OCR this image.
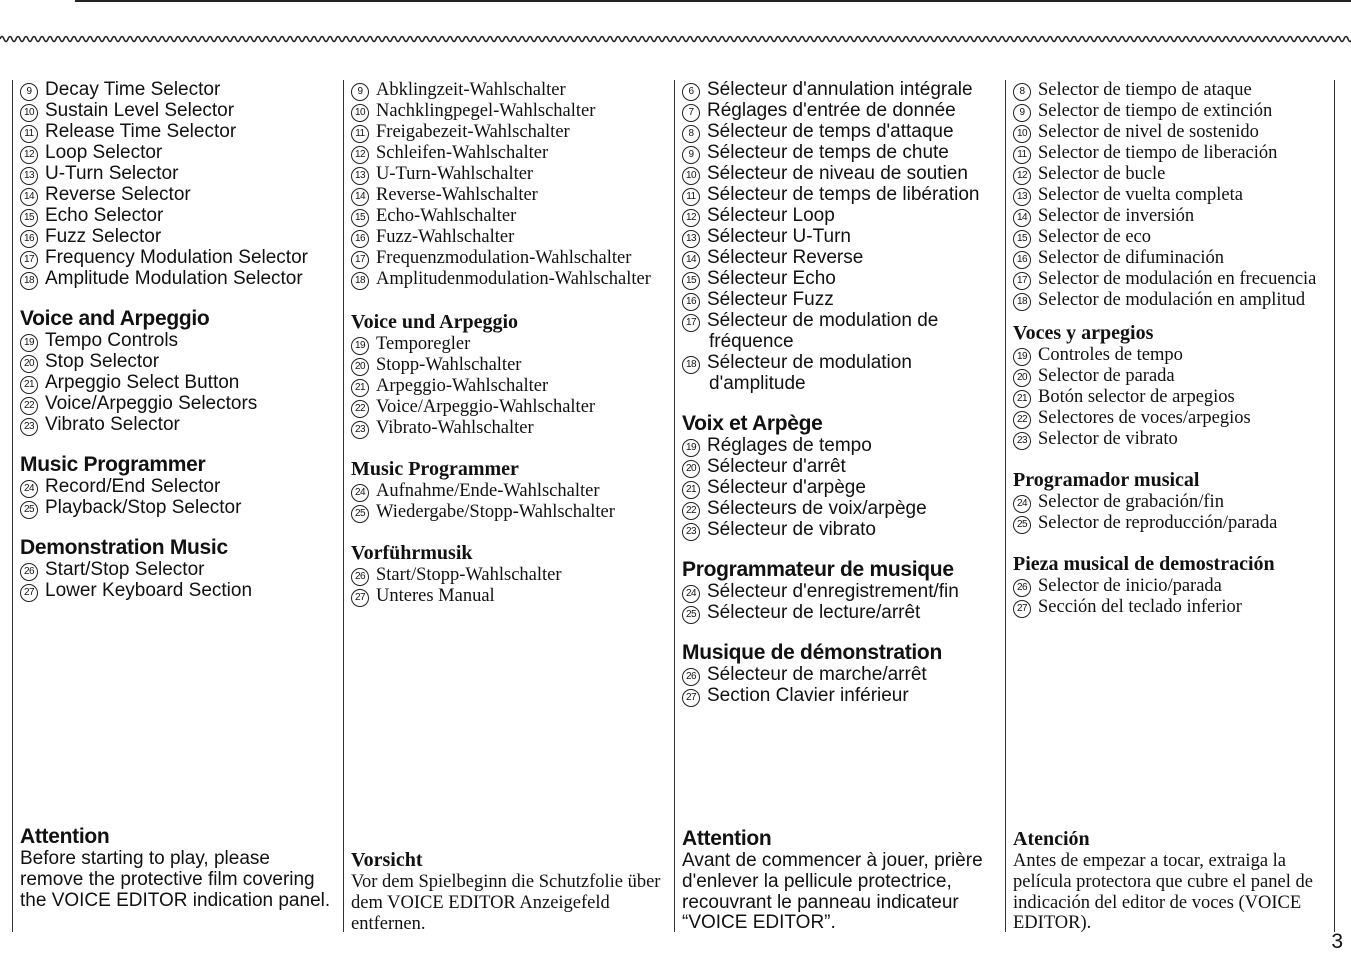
9 Decay Time Selector
10 Sustain Level Selector
11 Release Time Selector
12 Loop Selector
13 U-Turn Selector
14 Reverse Selector
15 Echo Selector
16 Fuzz Selector
17 Frequency Modulation Selector
18 Amplitude Modulation Selector
Voice and Arpeggio
19 Tempo Controls
20 Stop Selector
21 Arpeggio Select Button
22 Voice/Arpeggio Selectors
23 Vibrato Selector
Music Programmer
24 Record/End Selector
25 Playback/Stop Selector
Demonstration Music
26 Start/Stop Selector
27 Lower Keyboard Section
Attention

Before starting to play, please remove the protective film covering the VOICE EDITOR indication panel.

9 Abklingzeit-Wahlschalter
10 Nachklingpegel-Wahlschalter
11 Freigabezeit-Wahlschalter
12 Schleifen-Wahlschalter
13 U-Turn-Wahlschalter
14 Reverse-Wahlschalter
15 Echo-Wahlschalter
16 Fuzz-Wahlschalter
17 Frequenzmodulation-Wahlschalter
18 Amplitudenmodulation-Wahlschalter
Voice und Arpeggio
19 Temporegler
20 Stopp-Wahlschalter
21 Arpeggio-Wahlschalter
22 Voice/Arpeggio-Wahlschalter
23 Vibrato-Wahlschalter
Music Programmer
24 Aufnahme/Ende-Wahlschalter
25 Wiedergabe/Stopp-Wahlschalter
Vorführmusik
26 Start/Stopp-Wahlschalter
27 Unteres Manual
Vorsicht

Vor dem Spielbeginn die Schutzfolie über dem VOICE EDITOR Anzeigefeld entfernen.

6 Sélecteur d'annulation intégrale
7 Réglages d'entrée de donnée
8 Sélecteur de temps d'attaque
9 Sélecteur de temps de chute
10 Sélecteur de niveau de soutien
11 Sélecteur de temps de libération
12 Sélecteur Loop
13 Sélecteur U-Turn
14 Sélecteur Reverse
15 Sélecteur Echo
16 Sélecteur Fuzz
17 Sélecteur de modulation de fréquence
18 Sélecteur de modulation d'amplitude
Voix et Arpège
19 Réglages de tempo
20 Sélecteur d'arrêt
21 Sélecteur d'arpège
22 Sélecteurs de voix/arpège
23 Sélecteur de vibrato
Programmateur de musique
24 Sélecteur d'enregistrement/fin
25 Sélecteur de lecture/arrêt
Musique de démonstration
26 Sélecteur de marche/arrêt
27 Section Clavier inférieur
Attention

Avant de commencer à jouer, prière d'enlever la pellicule protectrice, recouvrant le panneau indicateur “VOICE EDITOR”.

8 Selector de tiempo de ataque
9 Selector de tiempo de extinción
10 Selector de nivel de sostenido
11 Selector de tiempo de liberación
12 Selector de bucle
13 Selector de vuelta completa
14 Selector de inversión
15 Selector de eco
16 Selector de difuminación
17 Selector de modulación en frecuencia
18 Selector de modulación en amplitud
Voces y arpegios
19 Controles de tempo
20 Selector de parada
21 Botón selector de arpegios
22 Selectores de voces/arpegios
23 Selector de vibrato
Programador musical
24 Selector de grabación/fin
25 Selector de reproducción/parada
Pieza musical de demostración
26 Selector de inicio/parada
27 Sección del teclado inferior
Atención

Antes de empezar a tocar, extraiga la película protectora que cubre el panel de indicación del editor de voces (VOICE EDITOR).

3
